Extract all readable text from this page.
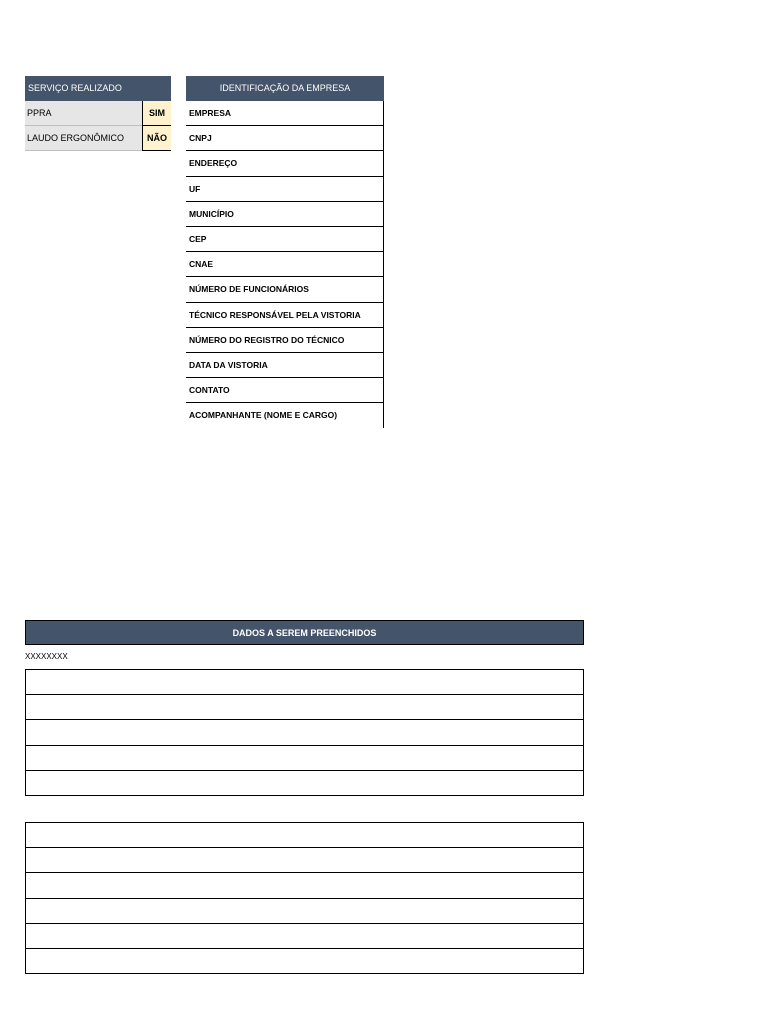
SERVIÇO REALIZADO
PPRA	SIM
LAUDO ERGONÔMICO	NÃO
IDENTIFICAÇÃO DA EMPRESA
EMPRESA
CNPJ
ENDEREÇO
UF
MUNICÍPIO
CEP
CNAE
NÚMERO DE FUNCIONÁRIOS
TÉCNICO RESPONSÁVEL PELA VISTORIA
NÚMERO DO REGISTRO DO TÉCNICO
DATA DA VISTORIA
CONTATO
ACOMPANHANTE (NOME E CARGO)
DADOS A SEREM PREENCHIDOS
XXXXXXXX
